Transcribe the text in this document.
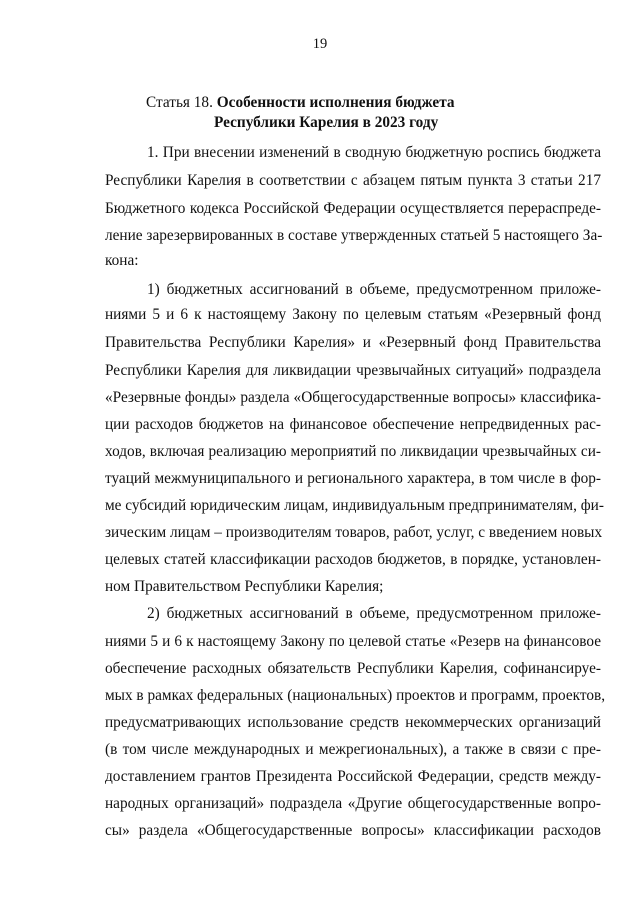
19
Статья 18. Особенности исполнения бюджета
Республики Карелия в 2023 году
1. При внесении изменений в сводную бюджетную роспись бюджета
Республики Карелия в соответствии с абзацем пятым пункта 3 статьи 217
Бюджетного кодекса Российской Федерации осуществляется перераспреде-
ление зарезервированных в составе утвержденных статьей 5 настоящего За-
кона:
1) бюджетных ассигнований в объеме, предусмотренном приложе-
ниями 5 и 6 к настоящему Закону по целевым статьям «Резервный фонд
Правительства Республики Карелия» и «Резервный фонд Правительства
Республики Карелия для ликвидации чрезвычайных ситуаций» подраздела
«Резервные фонды» раздела «Общегосударственные вопросы» классифика-
ции расходов бюджетов на финансовое обеспечение непредвиденных рас-
ходов, включая реализацию мероприятий по ликвидации чрезвычайных си-
туаций межмуниципального и регионального характера, в том числе в фор-
ме субсидий юридическим лицам, индивидуальным предпринимателям, фи-
зическим лицам – производителям товаров, работ, услуг, с введением новых
целевых статей классификации расходов бюджетов, в порядке, установлен-
ном Правительством Республики Карелия;
2) бюджетных ассигнований в объеме, предусмотренном приложе-
ниями 5 и 6 к настоящему Закону по целевой статье «Резерв на финансовое
обеспечение расходных обязательств Республики Карелия, софинансируе-
мых в рамках федеральных (национальных) проектов и программ, проектов,
предусматривающих использование средств некоммерческих организаций
(в том числе международных и межрегиональных), а также в связи с пре-
доставлением грантов Президента Российской Федерации, средств между-
народных организаций» подраздела «Другие общегосударственные вопро-
сы» раздела «Общегосударственные вопросы» классификации расходов
